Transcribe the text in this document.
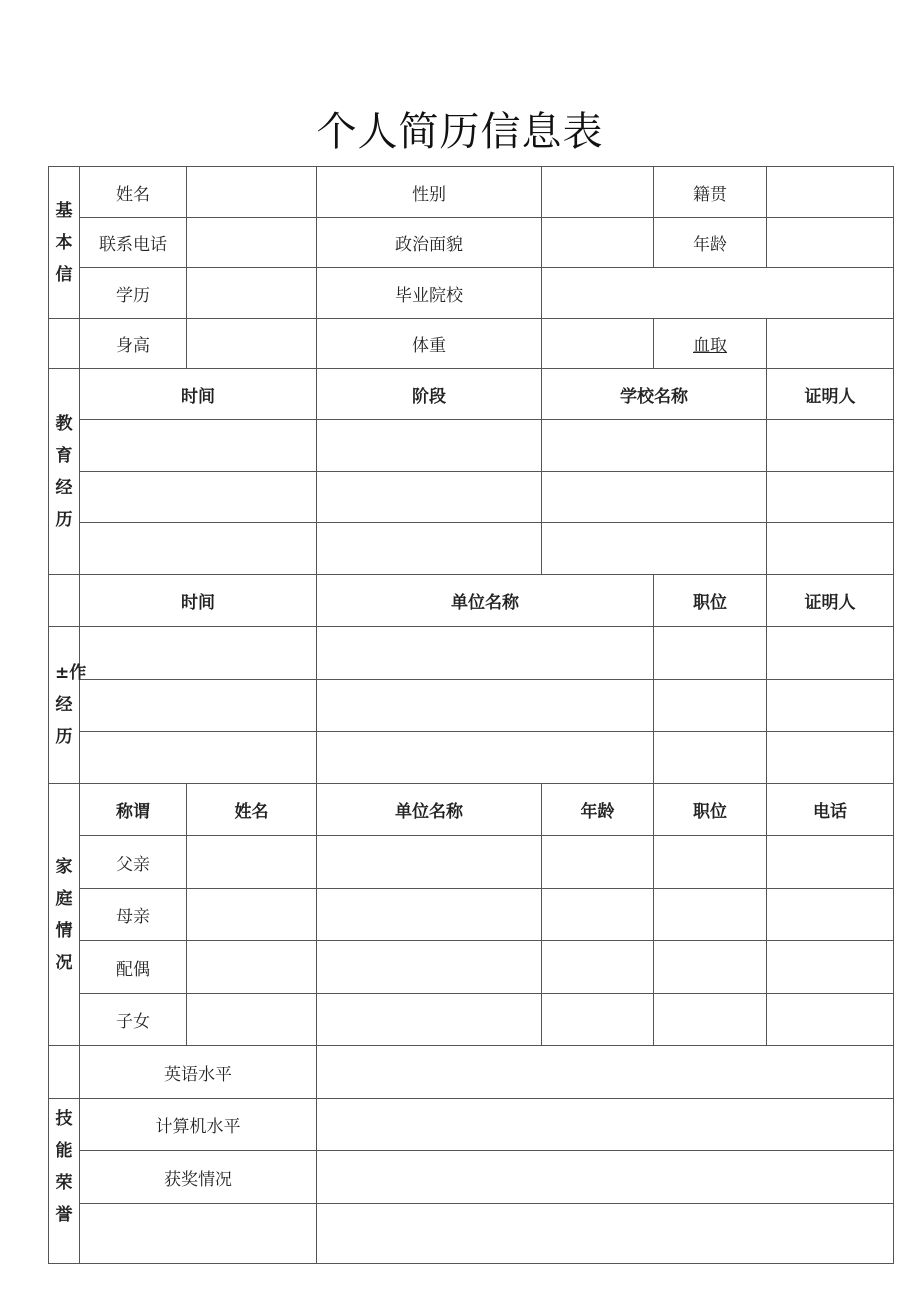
个人简历信息表
基本信	姓名		性别		籍贯		
	联系电话		政治面貌		年龄		
	学历		毕业院校				
	身高		体重		血取		

教育经历	时间		阶段	学校名称		证明人	

	时间		单位名称		职位	证明人	

±作经历							

家庭情况	称谓	姓名	单位名称	年龄	职位	电话	
	父亲						
	母亲						
	配偶						
	子女						
	英语水平						

技能荣誉	计算机水平						
	获奖情况						
